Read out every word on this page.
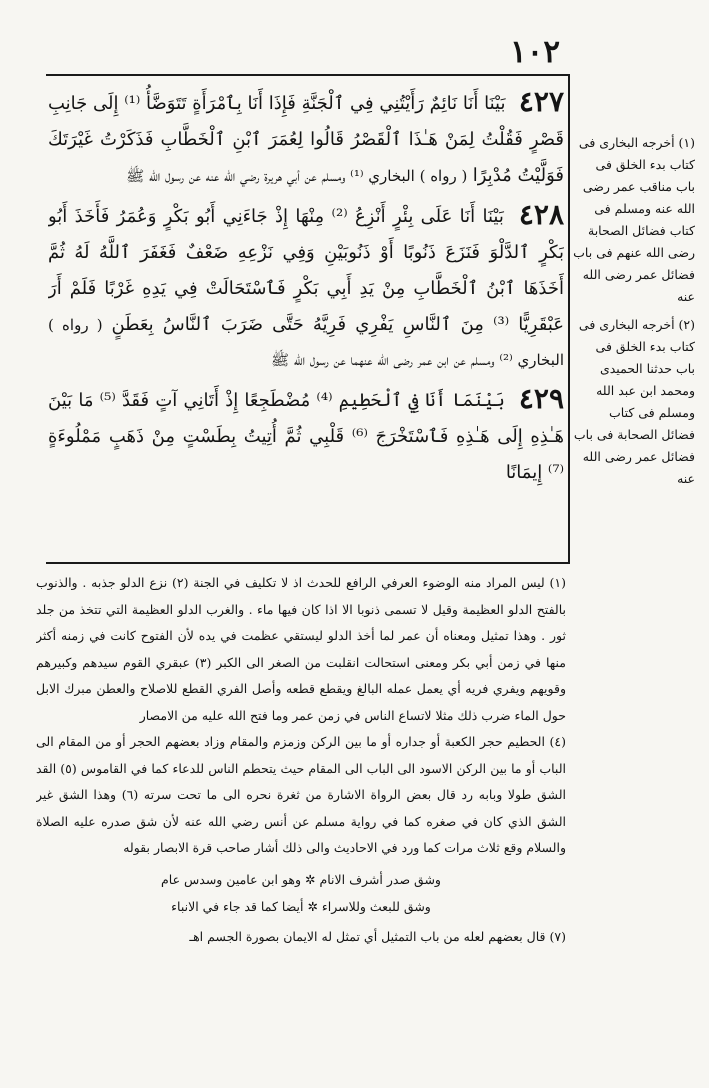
١٠٢

٤٢٧ بَيْنَا أَنَا نَائِمٌ رَأَيْتُنِي فِي ٱلْجَنَّةِ فَإِذَا أَنَا بِٱمْرَأَةٍ تَتَوَضَّأُ ⁽¹⁾ إِلَى جَانِبِ قَصْرٍ فَقُلْتُ لِمَنْ هَـٰذَا ٱلْقَصْرُ قَالُوا لِعُمَرَ ٱبْنِ ٱلْخَطَّابِ فَذَكَرْتُ غَيْرَتَكَ فَوَلَّيْتُ مُدْبِرًا ( رواه ) البخاري ⁽¹⁾ ومسلم عن أبي هريرة رضي الله عنه عن رسول الله ﷺ

٤٢٨ بَيْنَا أَنَا عَلَى بِئْرٍ أَنْزِعُ ⁽²⁾ مِنْهَا إِذْ جَاءَنِي أَبُو بَكْرٍ وَعُمَرُ فَأَخَذَ أَبُو بَكْرٍ ٱلدَّلْوَ فَنَزَعَ ذَنُوبًا أَوْ ذَنُوبَيْنِ وَفِي نَزْعِهِ ضَعْفٌ فَغَفَرَ ٱللَّهُ لَهُ ثُمَّ أَخَذَهَا ٱبْنُ ٱلْخَطَّابِ مِنْ يَدِ أَبِي بَكْرٍ فَٱسْتَحَالَتْ فِي يَدِهِ غَرْبًا فَلَمْ أَرَ عَبْقَرِيًّا ⁽³⁾ مِنَ ٱلنَّاسِ يَفْرِي فَرِيَّهُ حَتَّى ضَرَبَ ٱلنَّاسُ بِعَطَنٍ ( رواه ) البخاري ⁽²⁾ ومسلم عن ابن عمر رضى الله عنهما عن رسول الله ﷺ

٤٢٩ بَيْنَمَا أَنَا فِي ٱلْحَطِيمِ ⁽⁴⁾ مُضْطَجِعًا إِذْ أَتَانِي آتٍ فَقَدَّ ⁽⁵⁾ مَا بَيْنَ هَـٰذِهِ إِلَى هَـٰذِهِ فَٱسْتَخْرَجَ ⁽⁶⁾ قَلْبِي ثُمَّ أُتِيتُ بِطَسْتٍ مِنْ ذَهَبٍ مَمْلُوءَةٍ ⁽⁷⁾ إِيمَانًا

(١) أخرجه البخارى فى كتاب بدء الخلق فى باب مناقب عمر رضى الله عنه ومسلم فى كتاب فضائل الصحابة رضى الله عنهم فى باب فضائل عمر رضى الله عنه

(٢) أخرجه البخارى فى كتاب بدء الخلق فى باب حدثنا الحميدى ومحمد ابن عبد الله ومسلم فى كتاب فضائل الصحابة فى باب فضائل عمر رضى الله عنه

(١) ليس المراد منه الوضوء العرفي الرافع للحدث اذ لا تكليف في الجنة (٢) نزع الدلو جذبه . والذنوب بالفتح الدلو العظيمة وقيل لا تسمى ذنوبا الا اذا كان فيها ماء . والغرب الدلو العظيمة التي تتخذ من جلد ثور . وهذا تمثيل ومعناه أن عمر لما أخذ الدلو ليستقي عظمت في يده لأن الفتوح كانت في زمنه أكثر منها في زمن أبي بكر ومعنى استحالت انقلبت من الصغر الى الكبر (٣) عبقري القوم سيدهم وكبيرهم وقويهم ويفري فريه أي يعمل عمله البالغ ويقطع قطعه وأصل الفري القطع للاصلاح والعطن مبرك الابل حول الماء ضرب ذلك مثلا لاتساع الناس في زمن عمر وما فتح الله عليه من الامصار

(٤) الحطيم حجر الكعبة أو جداره أو ما بين الركن وزمزم والمقام وزاد بعضهم الحجر أو من المقام الى الباب أو ما بين الركن الاسود الى الباب الى المقام حيث يتحطم الناس للدعاء كما في القاموس (٥) القد الشق طولا وبابه رد قال بعض الرواة الاشارة من ثغرة نحره الى ما تحت سرته (٦) وهذا الشق غير الشق الذي كان في صغره كما في رواية مسلم عن أنس رضي الله عنه لأن شق صدره عليه الصلاة والسلام وقع ثلاث مرات كما ورد في الاحاديث والى ذلك أشار صاحب قرة الابصار بقوله

وشق صدر أشرف الانام ✲ وهو ابن عامين وسدس عام

وشق للبعث وللاسراء ✲ أيضا كما قد جاء في الانباء

(٧) قال بعضهم لعله من باب التمثيل أي تمثل له الايمان بصورة الجسم اهـ
